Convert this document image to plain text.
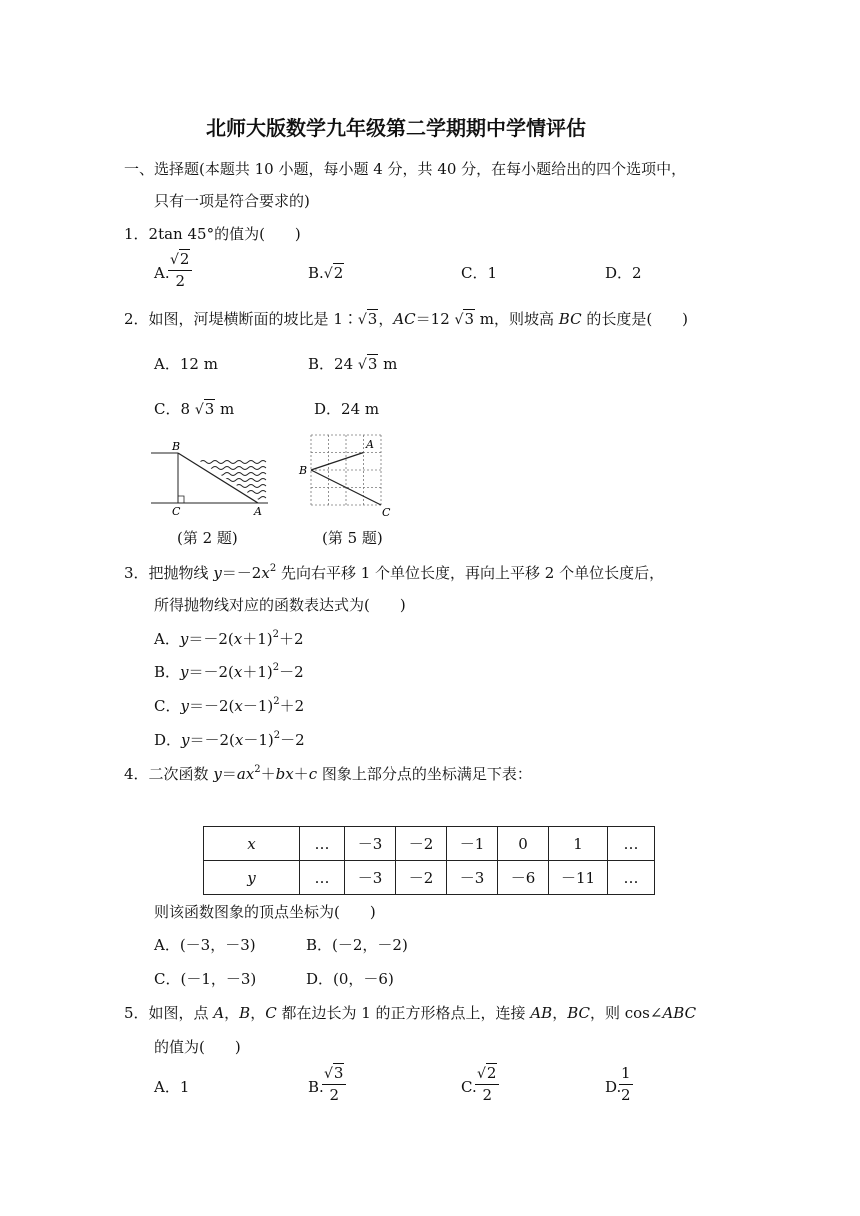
北师大版数学九年级第二学期期中学情评估
一、选择题(本题共 10 小题，每小题 4 分，共 40 分，在每小题给出的四个选项中，
只有一项是符合要求的)
1．2tan 45°的值为(　　)
A.
$\frac{√2}{2}$	B.√2	C．1	D．2
2．如图，河堤横断面的坡比是 1∶√3，AC＝12 √3 m，则坡高 BC 的长度是(　　)
A．12 m	B．24 √3 m
C．8 √3 m	D．24 m
B
C	A
(第 2 题)
A
B
C
(第 5 题)
3．把抛物线 $y=-2x^2$ 先向右平移 1 个单位长度，再向上平移 2 个单位长度后，
所得抛物线对应的函数表达式为(　　)
A．$y=-2(x+1)^2+2$
B．$y=-2(x+1)^2-2$
C．$y=-2(x-1)^2+2$
D．$y=-2(x-1)^2-2$
4．二次函数 $y=ax^2+bx+c$ 图象上部分点的坐标满足下表：
x	…	－3	－2	－1	0	1	…
y	…	－3	－2	－3	－6	－11	…
则该函数图象的顶点坐标为(　　)
A．(－3，－3)	B．(－2，－2)
C．(－1，－3)	D．(0，－6)
5．如图，点 A，B，C 都在边长为 1 的正方形格点上，连接 AB，BC，则 cos∠ABC
的值为(　　)
A．1	B.
$\frac{√3}{2}$	C.
$\frac{√2}{2}$	D.
$\frac{1}{2}$
